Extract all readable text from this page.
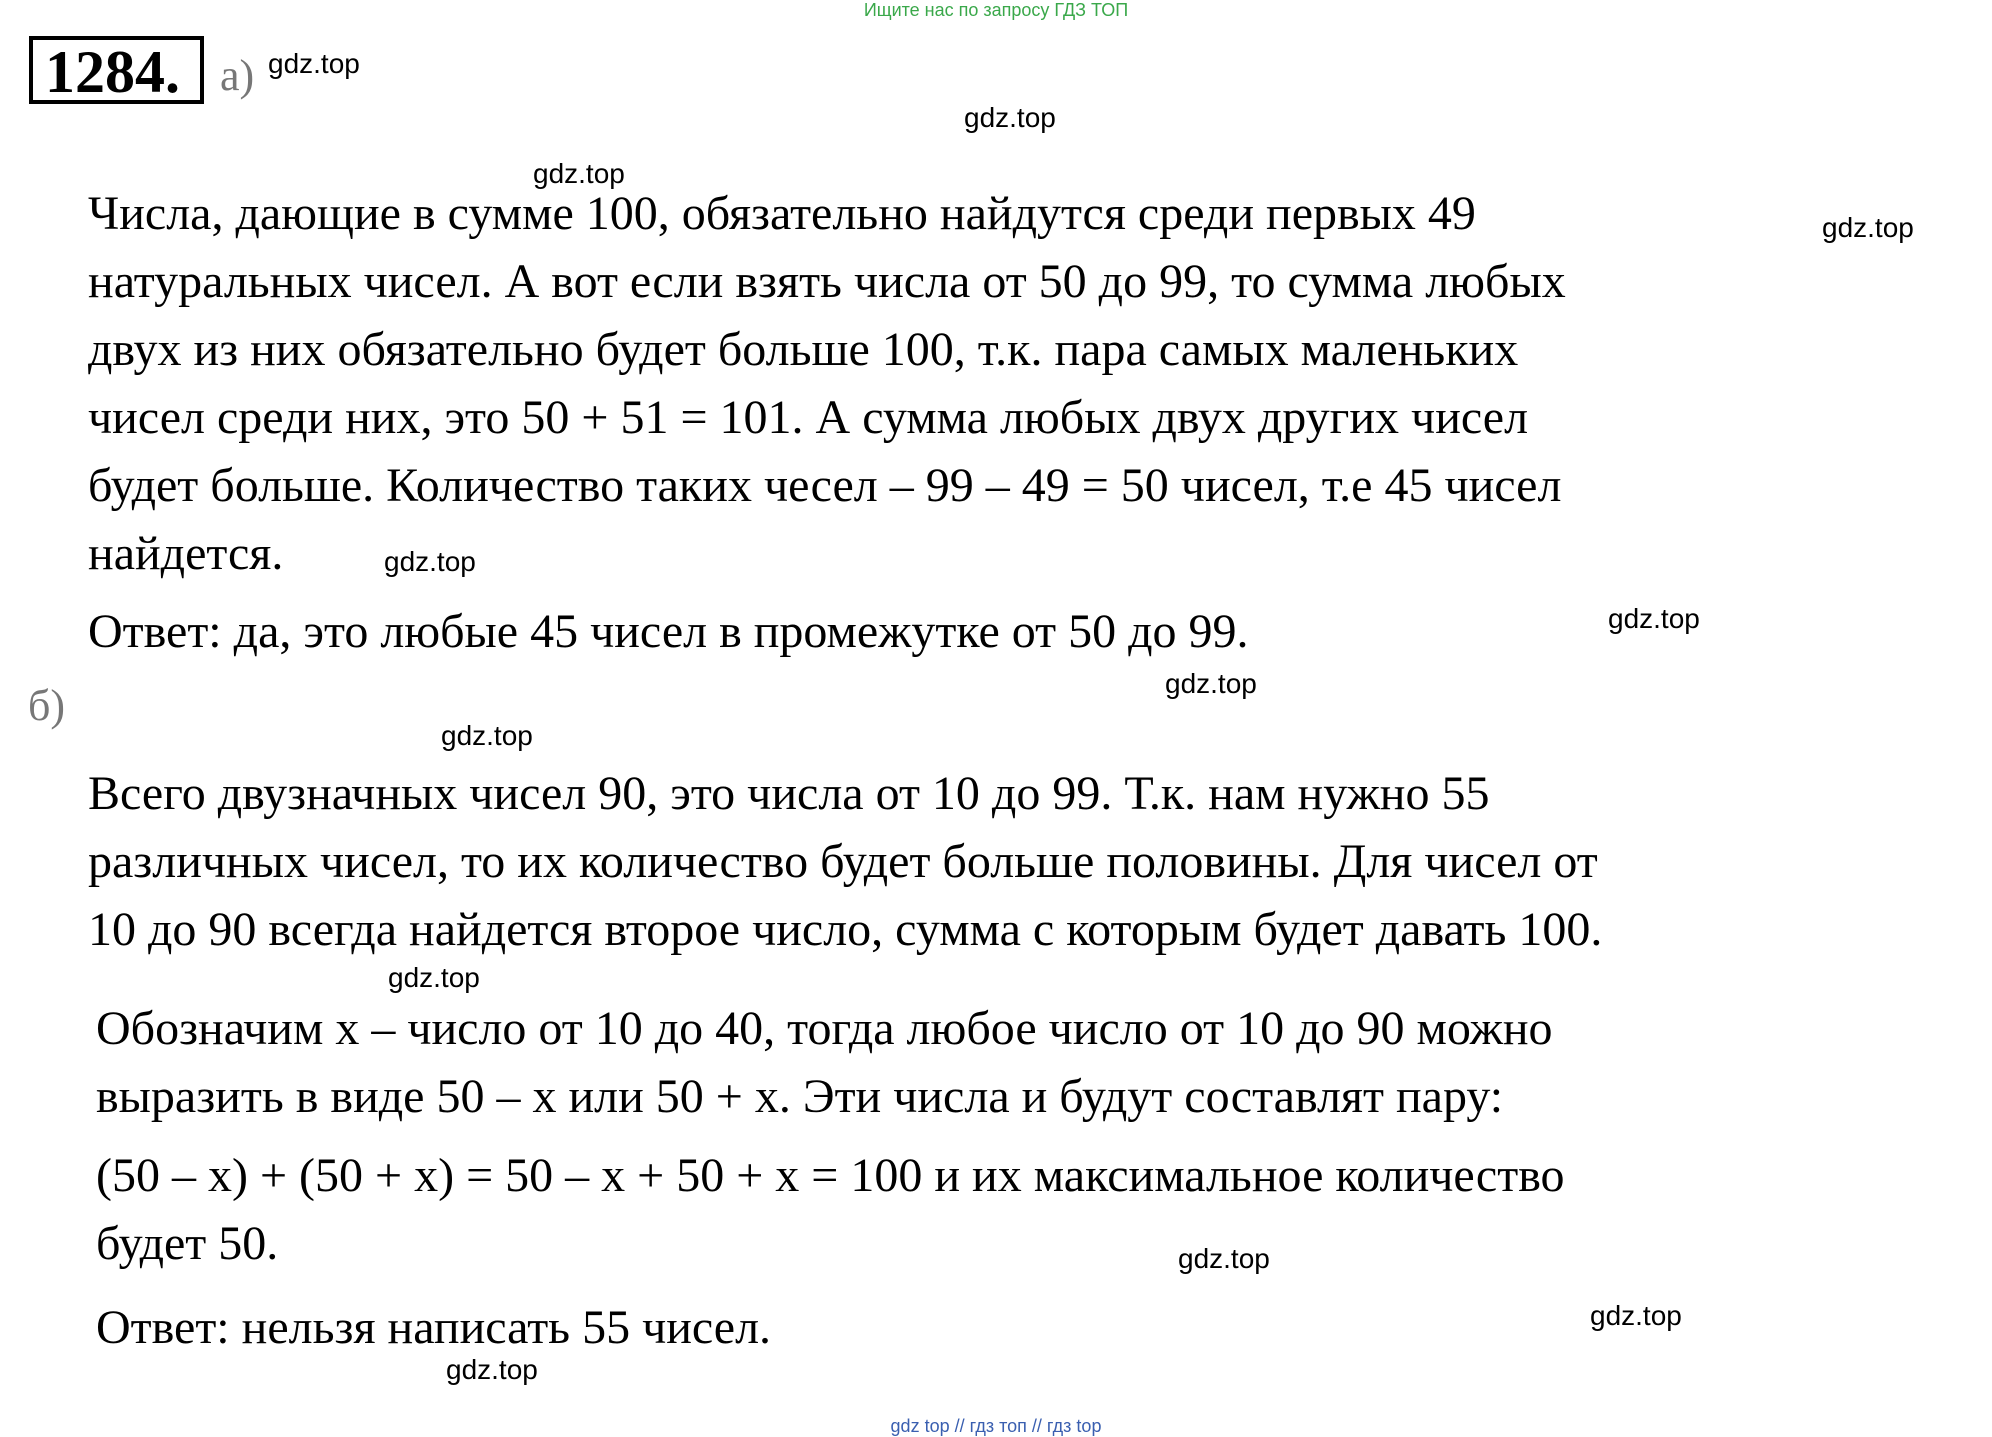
Ищите нас по запросу ГДЗ ТОП
1284. а)
Числа, дающие в сумме 100, обязательно найдутся среди первых 49
натуральных чисел. А вот если взять числа от 50 до 99, то сумма любых
двух из них обязательно будет больше 100, т.к. пара самых маленьких
чисел среди них, это 50 + 51 = 101. А сумма любых двух других чисел
будет больше. Количество таких чесел – 99 – 49 = 50 чисел, т.е 45 чисел
найдется.
Ответ: да, это любые 45 чисел в промежутке от 50 до 99.
б)
Всего двузначных чисел 90, это числа от 10 до 99. Т.к. нам нужно 55
различных чисел, то их количество будет больше половины. Для чисел от
10 до 90 всегда найдется второе число, сумма с которым будет давать 100.
Обозначим x – число от 10 до 40, тогда любое число от 10 до 90 можно
выразить в виде 50 – x или 50 + x. Эти числа и будут составлят пару:
(50 – x) + (50 + x) = 50 – x + 50 + x = 100 и их максимальное количество
будет 50.
Ответ: нельзя написать 55 чисел.
gdz.top
gdz.top
gdz.top
gdz.top
gdz.top
gdz.top
gdz.top
gdz.top
gdz.top
gdz.top
gdz.top
gdz.top
gdz top // гдз топ // гдз top
